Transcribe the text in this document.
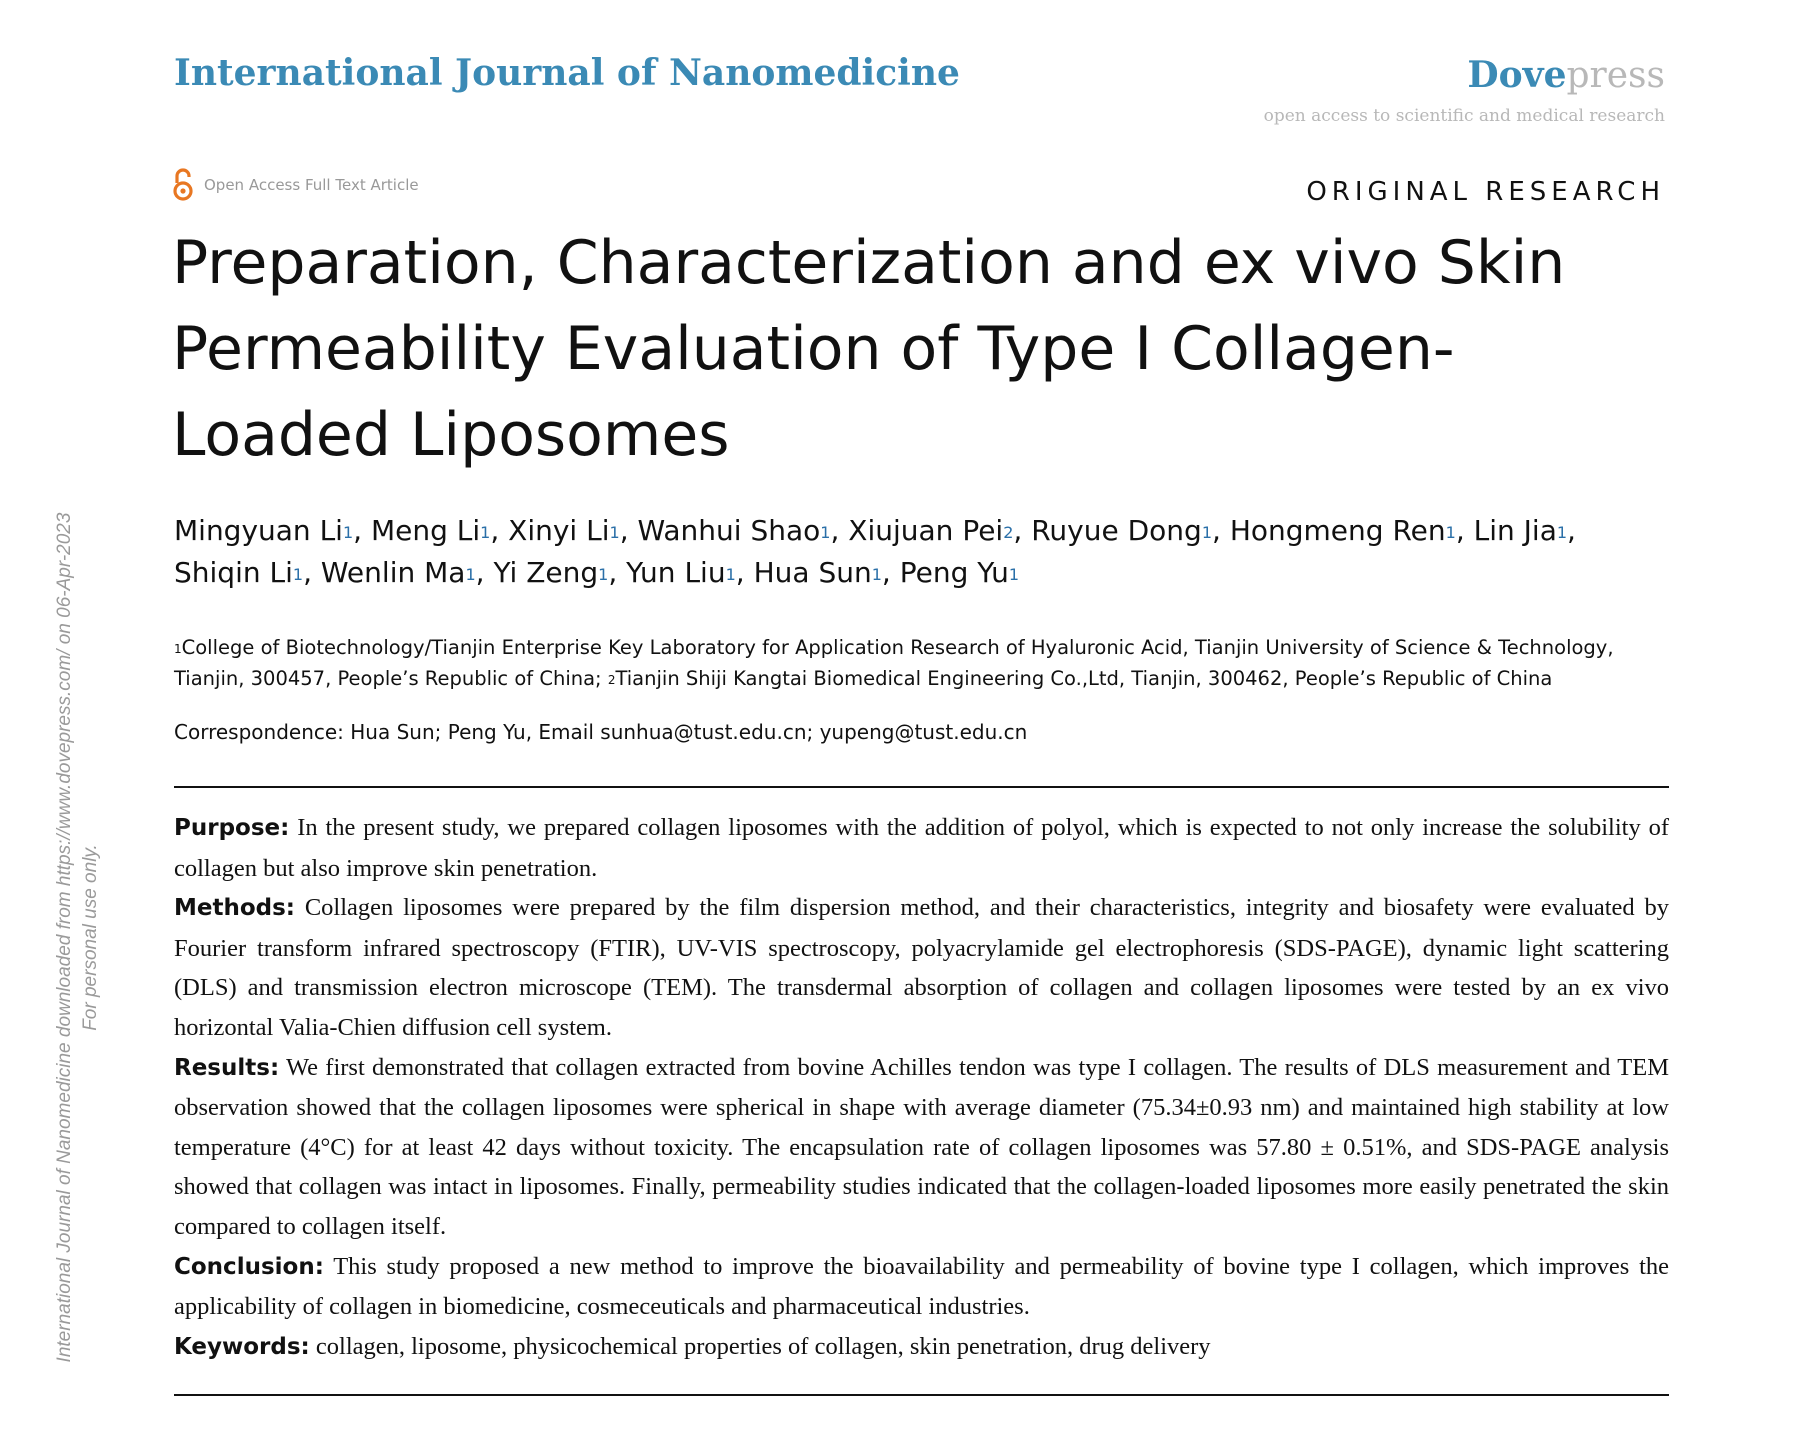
International Journal of Nanomedicine	Dovepress
open access to scientific and medical research
Open Access Full Text Article	ORIGINAL RESEARCH
Preparation, Characterization and ex vivo Skin Permeability Evaluation of Type I Collagen-Loaded Liposomes
Mingyuan Li$^1$, Meng Li$^1$, Xinyi Li$^1$, Wanhui Shao$^1$, Xiujuan Pei$^2$, Ruyue Dong$^1$, Hongmeng Ren$^1$, Lin Jia$^1$, Shiqin Li$^1$, Wenlin Ma$^1$, Yi Zeng$^1$, Yun Liu$^1$, Hua Sun$^1$, Peng Yu$^1$
$^1$College of Biotechnology/Tianjin Enterprise Key Laboratory for Application Research of Hyaluronic Acid, Tianjin University of Science & Technology, Tianjin, 300457, People’s Republic of China; $^2$Tianjin Shiji Kangtai Biomedical Engineering Co.,Ltd, Tianjin, 300462, People’s Republic of China
Correspondence: Hua Sun; Peng Yu, Email sunhua@tust.edu.cn; yupeng@tust.edu.cn

Purpose: In the present study, we prepared collagen liposomes with the addition of polyol, which is expected to not only increase the solubility of collagen but also improve skin penetration.

Methods: Collagen liposomes were prepared by the film dispersion method, and their characteristics, integrity and biosafety were evaluated by Fourier transform infrared spectroscopy (FTIR), UV-VIS spectroscopy, polyacrylamide gel electrophoresis (SDS-PAGE), dynamic light scattering (DLS) and transmission electron microscope (TEM). The transdermal absorption of collagen and collagen liposomes were tested by an ex vivo horizontal Valia-Chien diffusion cell system.

Results: We first demonstrated that collagen extracted from bovine Achilles tendon was type I collagen. The results of DLS measurement and TEM observation showed that the collagen liposomes were spherical in shape with average diameter (75.34±0.93 nm) and maintained high stability at low temperature (4°C) for at least 42 days without toxicity. The encapsulation rate of collagen liposomes was 57.80 ± 0.51%, and SDS-PAGE analysis showed that collagen was intact in liposomes. Finally, permeability studies indicated that the collagen-loaded liposomes more easily penetrated the skin compared to collagen itself.

Conclusion: This study proposed a new method to improve the bioavailability and permeability of bovine type I collagen, which improves the applicability of collagen in biomedicine, cosmeceuticals and pharmaceutical industries.

Keywords: collagen, liposome, physicochemical properties of collagen, skin penetration, drug delivery

International Journal of Nanomedicine downloaded from https://www.dovepress.com/ on 06-Apr-2023 For personal use only.
